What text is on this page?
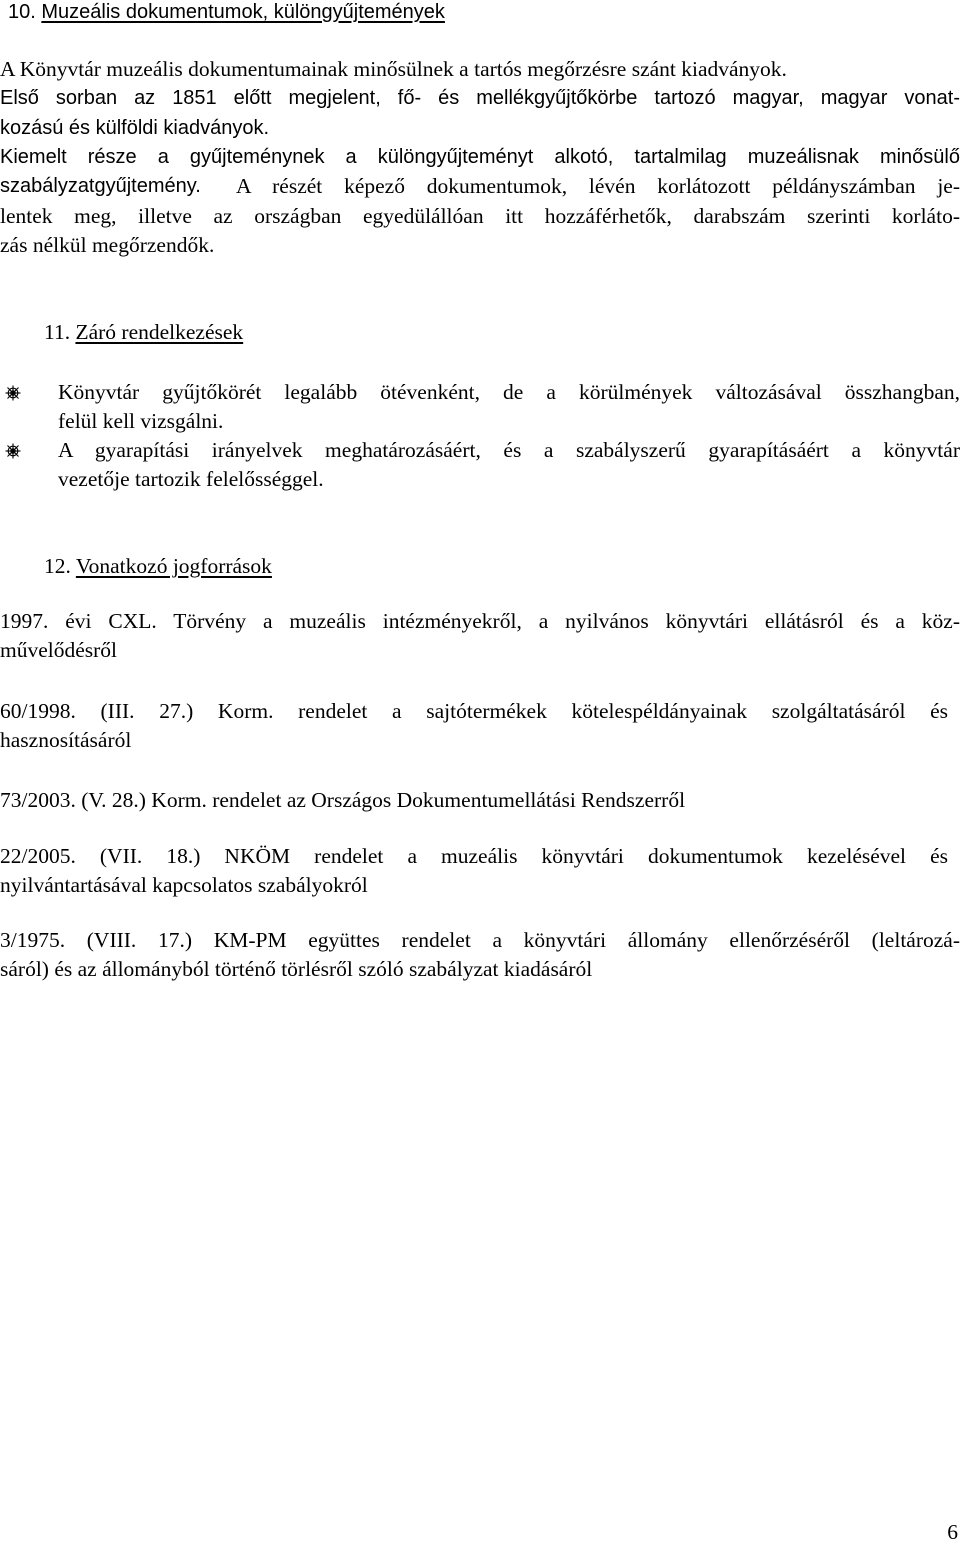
10. Muzeális dokumentumok, különgyűjtemények
A Könyvtár muzeális dokumentumainak minősülnek a tartós megőrzésre szánt kiadványok.
Első sorban az 1851 előtt megjelent, fő- és mellékgyűjtőkörbe tartozó magyar, magyar vonat-
kozású és külföldi kiadványok.
Kiemelt része a gyűjteménynek a különgyűjteményt alkotó, tartalmilag muzeálisnak minősülő
szabályzatgyűjtemény. A részét képező dokumentumok, lévén korlátozott példányszámban je-
lentek meg, illetve az országban egyedülállóan itt hozzáférhetők, darabszám szerinti korláto-
zás nélkül megőrzendők.
11. Záró rendelkezések
Könyvtár gyűjtőkörét legalább ötévenként, de a körülmények változásával összhangban,
felül kell vizsgálni.
A gyarapítási irányelvek meghatározásáért, és a szabályszerű gyarapításáért a könyvtár
vezetője tartozik felelősséggel.
12. Vonatkozó jogforrások
1997. évi CXL. Törvény a muzeális intézményekről, a nyilvános könyvtári ellátásról és a köz-
művelődésről
60/1998. (III. 27.) Korm. rendelet a sajtótermékek kötelespéldányainak szolgáltatásáról és
hasznosításáról
73/2003. (V. 28.) Korm. rendelet az Országos Dokumentumellátási Rendszerről
22/2005. (VII. 18.) NKÖM rendelet a muzeális könyvtári dokumentumok kezelésével és
nyilvántartásával kapcsolatos szabályokról
3/1975. (VIII. 17.) KM-PM együttes rendelet a könyvtári állomány ellenőrzéséről (leltározá-
sáról) és az állományból történő törlésről szóló szabályzat kiadásáról
6
